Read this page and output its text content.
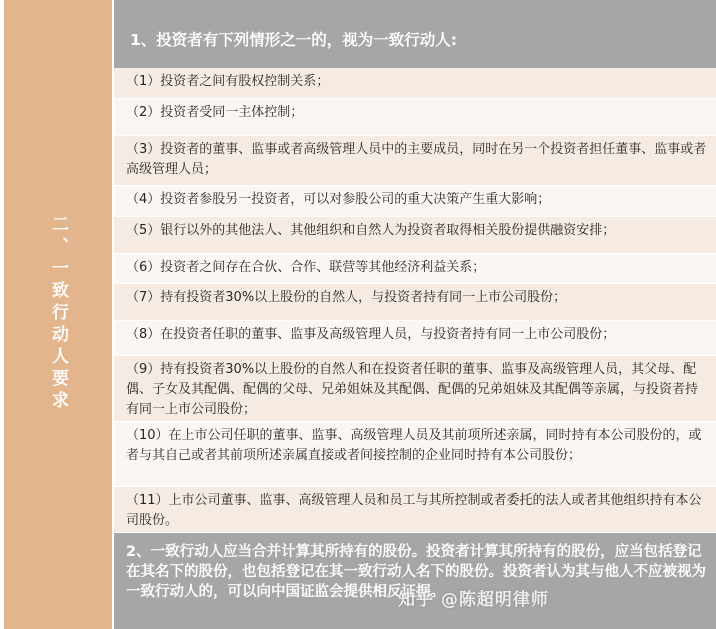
二、一致行动人要求
1、投资者有下列情形之一的，视为一致行动人:
（1）投资者之间有股权控制关系；
（2）投资者受同一主体控制；
（3）投资者的董事、监事或者高级管理人员中的主要成员，同时在另一个投资者担任董事、监事或者高级管理人员；
（4）投资者参股另一投资者，可以对参股公司的重大决策产生重大影响；
（5）银行以外的其他法人、其他组织和自然人为投资者取得相关股份提供融资安排；
（6）投资者之间存在合伙、合作、联营等其他经济利益关系；
（7）持有投资者30%以上股份的自然人，与投资者持有同一上市公司股份；
（8）在投资者任职的董事、监事及高级管理人员，与投资者持有同一上市公司股份；
（9）持有投资者30%以上股份的自然人和在投资者任职的董事、监事及高级管理人员，其父母、配偶、子女及其配偶、配偶的父母、兄弟姐妹及其配偶、配偶的兄弟姐妹及其配偶等亲属，与投资者持有同一上市公司股份；
（10）在上市公司任职的董事、监事、高级管理人员及其前项所述亲属，同时持有本公司股份的，或者与其自己或者其前项所述亲属直接或者间接控制的企业同时持有本公司股份；
（11）上市公司董事、监事、高级管理人员和员工与其所控制或者委托的法人或者其他组织持有本公司股份。
2、一致行动人应当合并计算其所持有的股份。投资者计算其所持有的股份，应当包括登记在其名下的股份，也包括登记在其一致行动人名下的股份。投资者认为其与他人不应被视为一致行动人的，可以向中国证监会提供相反证据。
知乎 @陈超明律师
